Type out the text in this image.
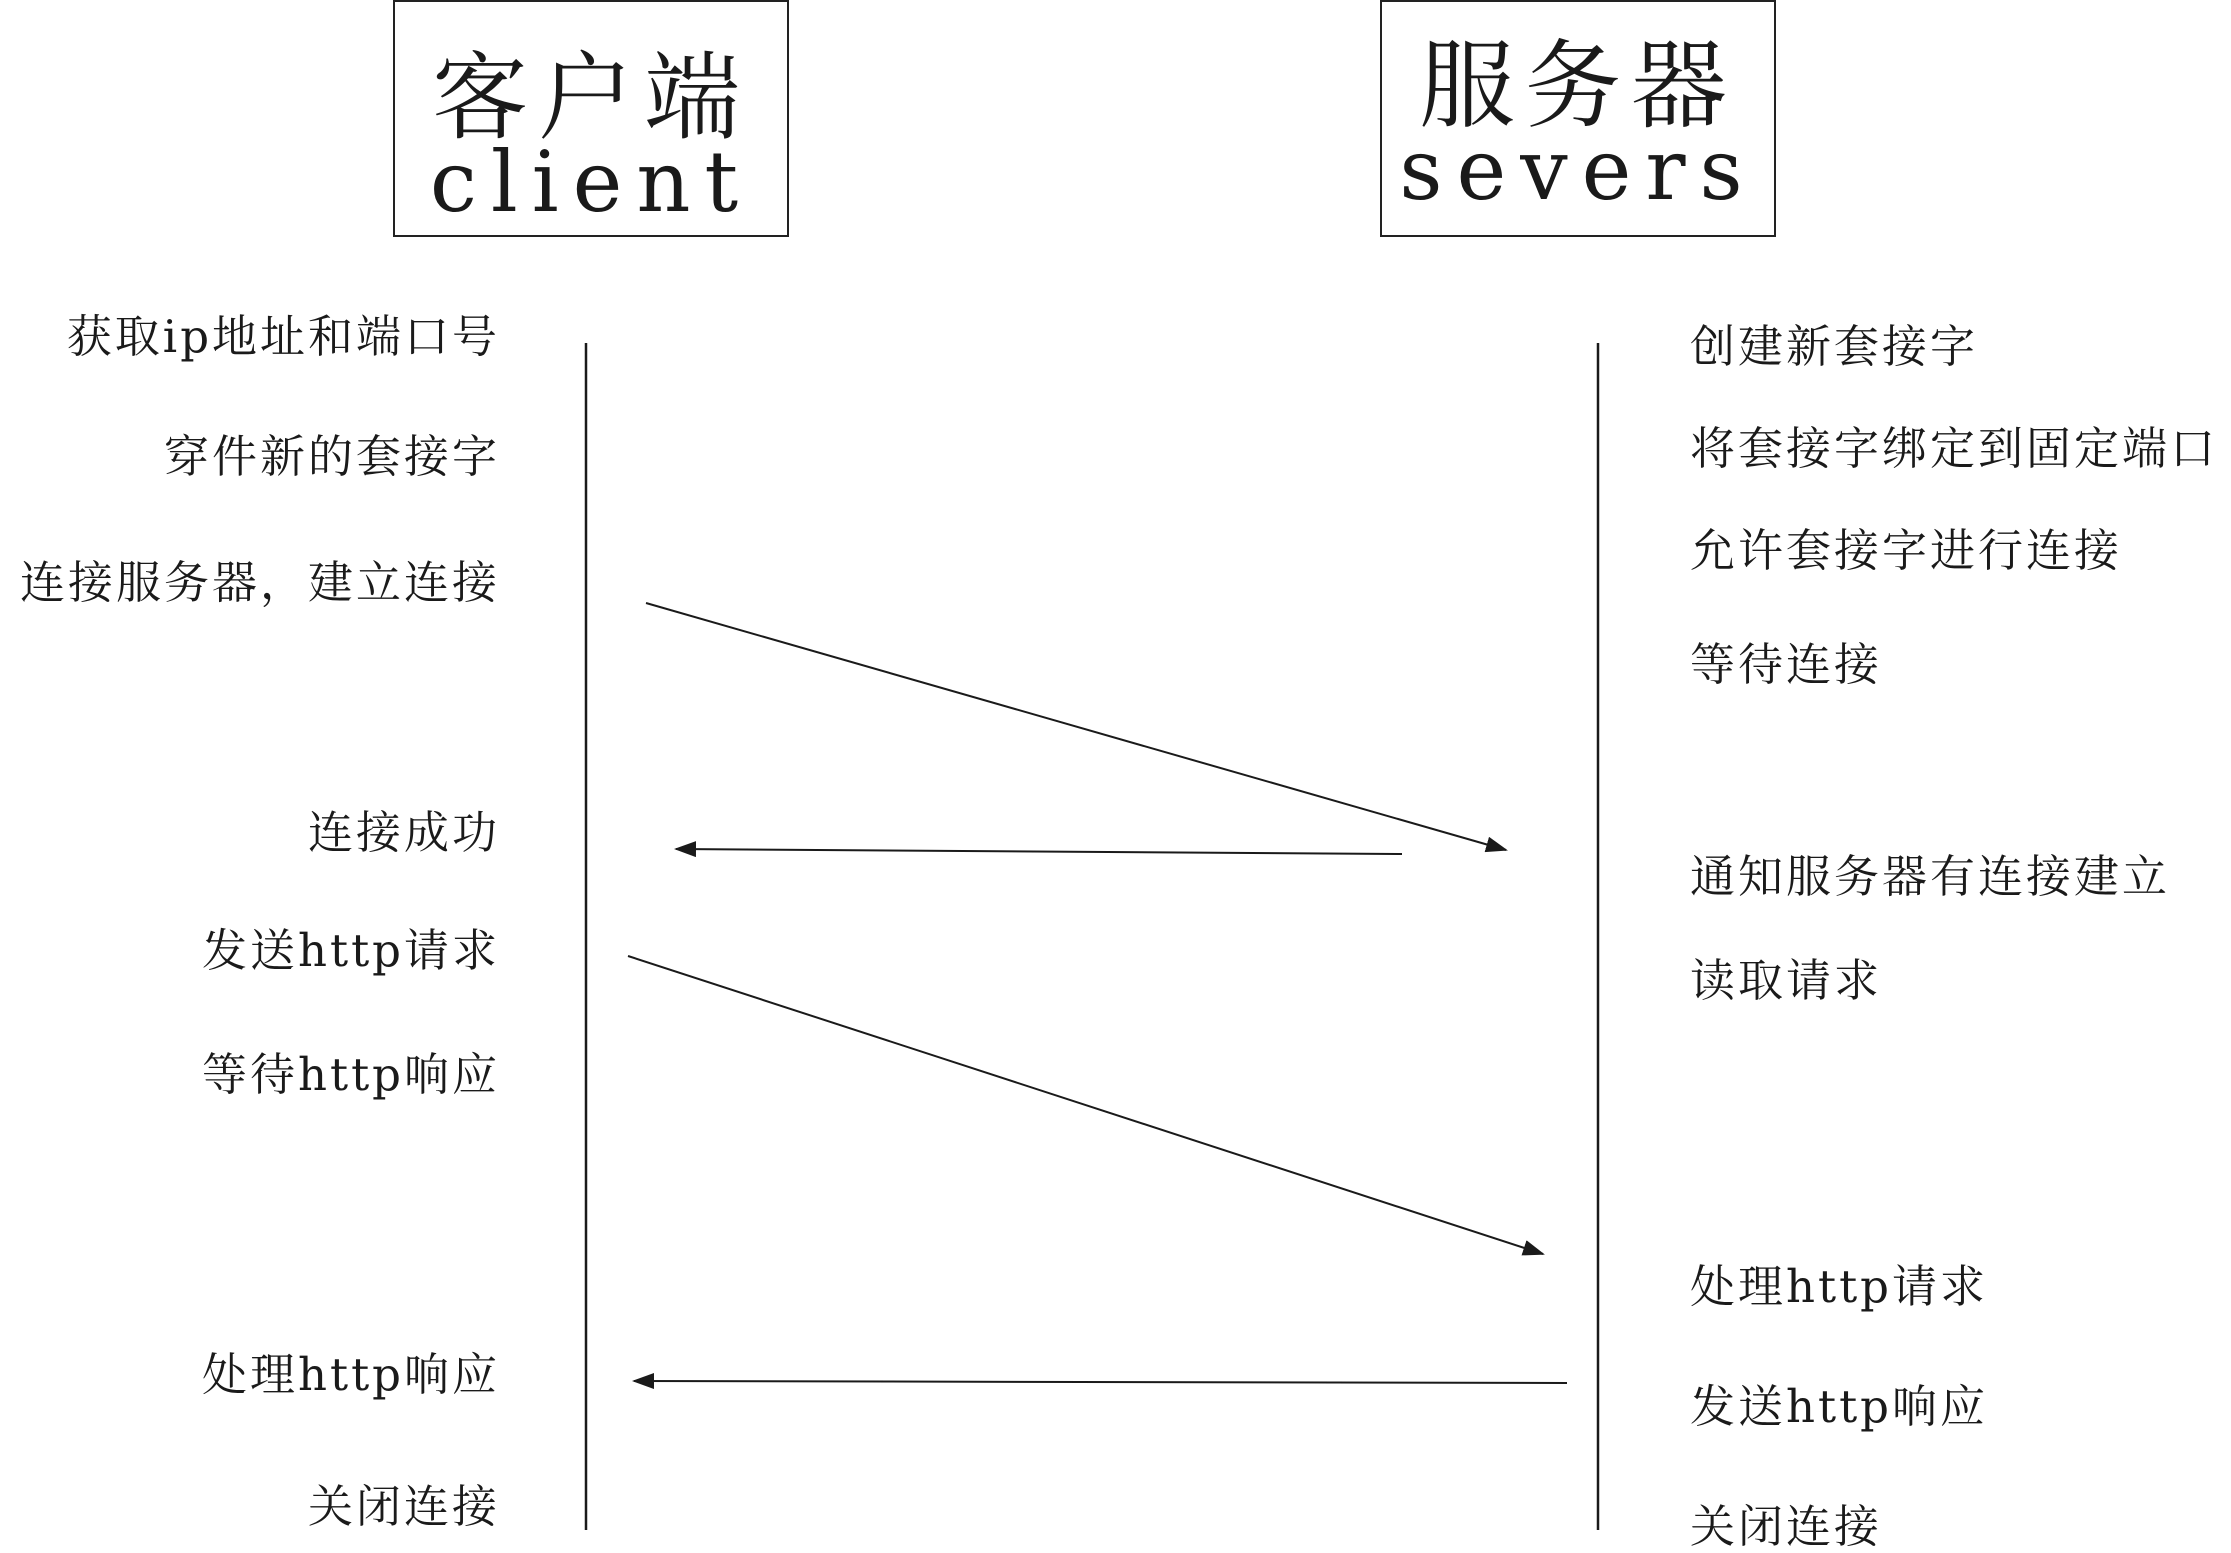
客户端
client
服务器
severs
获取ip地址和端口号
穿件新的套接字
连接服务器，建立连接
连接成功
发送http请求
等待http响应
处理http响应
关闭连接
创建新套接字
将套接字绑定到固定端口
允许套接字进行连接
等待连接
通知服务器有连接建立
读取请求
处理http请求
发送http响应
关闭连接
